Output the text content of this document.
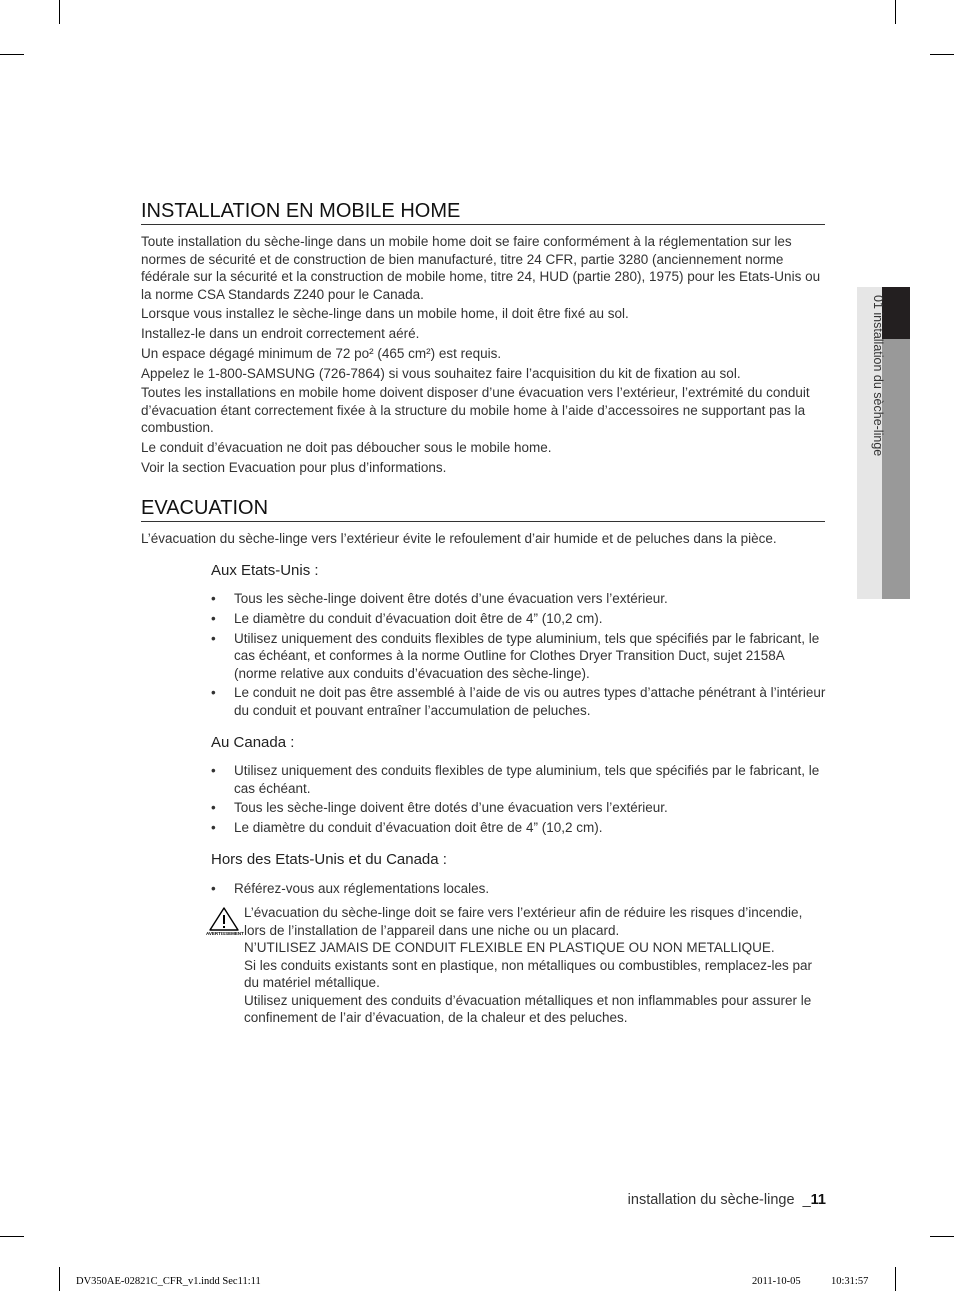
01 installation du sèche-linge
INSTALLATION EN MOBILE HOME

Toute installation du sèche-linge dans un mobile home doit se faire conformément à la réglementation sur les normes de sécurité et de construction de bien manufacturé, titre 24 CFR, partie 3280 (anciennement norme fédérale sur la sécurité et la construction de mobile home, titre 24, HUD (partie 280), 1975) pour les Etats-Unis ou la norme CSA Standards Z240 pour le Canada.

Lorsque vous installez le sèche-linge dans un mobile home, il doit être fixé au sol.

Installez-le dans un endroit correctement aéré.

Un espace dégagé minimum de 72 po² (465 cm²) est requis.

Appelez le 1-800-SAMSUNG (726-7864) si vous souhaitez faire l’acquisition du kit de fixation au sol.

Toutes les installations en mobile home doivent disposer d’une évacuation vers l’extérieur, l’extrémité du conduit d’évacuation étant correctement fixée à la structure du mobile home à l’aide d’accessoires ne supportant pas la combustion.

Le conduit d’évacuation ne doit pas déboucher sous le mobile home.

Voir la section Evacuation pour plus d’informations.

EVACUATION

L’évacuation du sèche-linge vers l’extérieur évite le refoulement d’air humide et de peluches dans la pièce.

Aux Etats-Unis :
• Tous les sèche-linge doivent être dotés d’une évacuation vers l’extérieur.
• Le diamètre du conduit d’évacuation doit être de 4” (10,2 cm).
• Utilisez uniquement des conduits flexibles de type aluminium, tels que spécifiés par le fabricant, le cas échéant, et conformes à la norme Outline for Clothes Dryer Transition Duct, sujet 2158A (norme relative aux conduits d’évacuation des sèche-linge).
• Le conduit ne doit pas être assemblé à l’aide de vis ou autres types d’attache pénétrant à l’intérieur du conduit et pouvant entraîner l’accumulation de peluches.
Au Canada :
• Utilisez uniquement des conduits flexibles de type aluminium, tels que spécifiés par le fabricant, le cas échéant.
• Tous les sèche-linge doivent être dotés d’une évacuation vers l’extérieur.
• Le diamètre du conduit d’évacuation doit être de 4” (10,2 cm).
Hors des Etats-Unis et du Canada :
• Référez-vous aux réglementations locales.
AVERTISSEMENT

L’évacuation du sèche-linge doit se faire vers l’extérieur afin de réduire les risques d’incendie, lors de l’installation de l’appareil dans une niche ou un placard.

N’UTILISEZ JAMAIS DE CONDUIT FLEXIBLE EN PLASTIQUE OU NON METALLIQUE.

Si les conduits existants sont en plastique, non métalliques ou combustibles, remplacez-les par du matériel métallique.

Utilisez uniquement des conduits d’évacuation métalliques et non inflammables pour assurer le confinement de l’air d’évacuation, de la chaleur et des peluches.

installation du sèche-linge _11
DV350AE-02821C_CFR_v1.indd Sec11:11	2011-10-05	10:31:57
